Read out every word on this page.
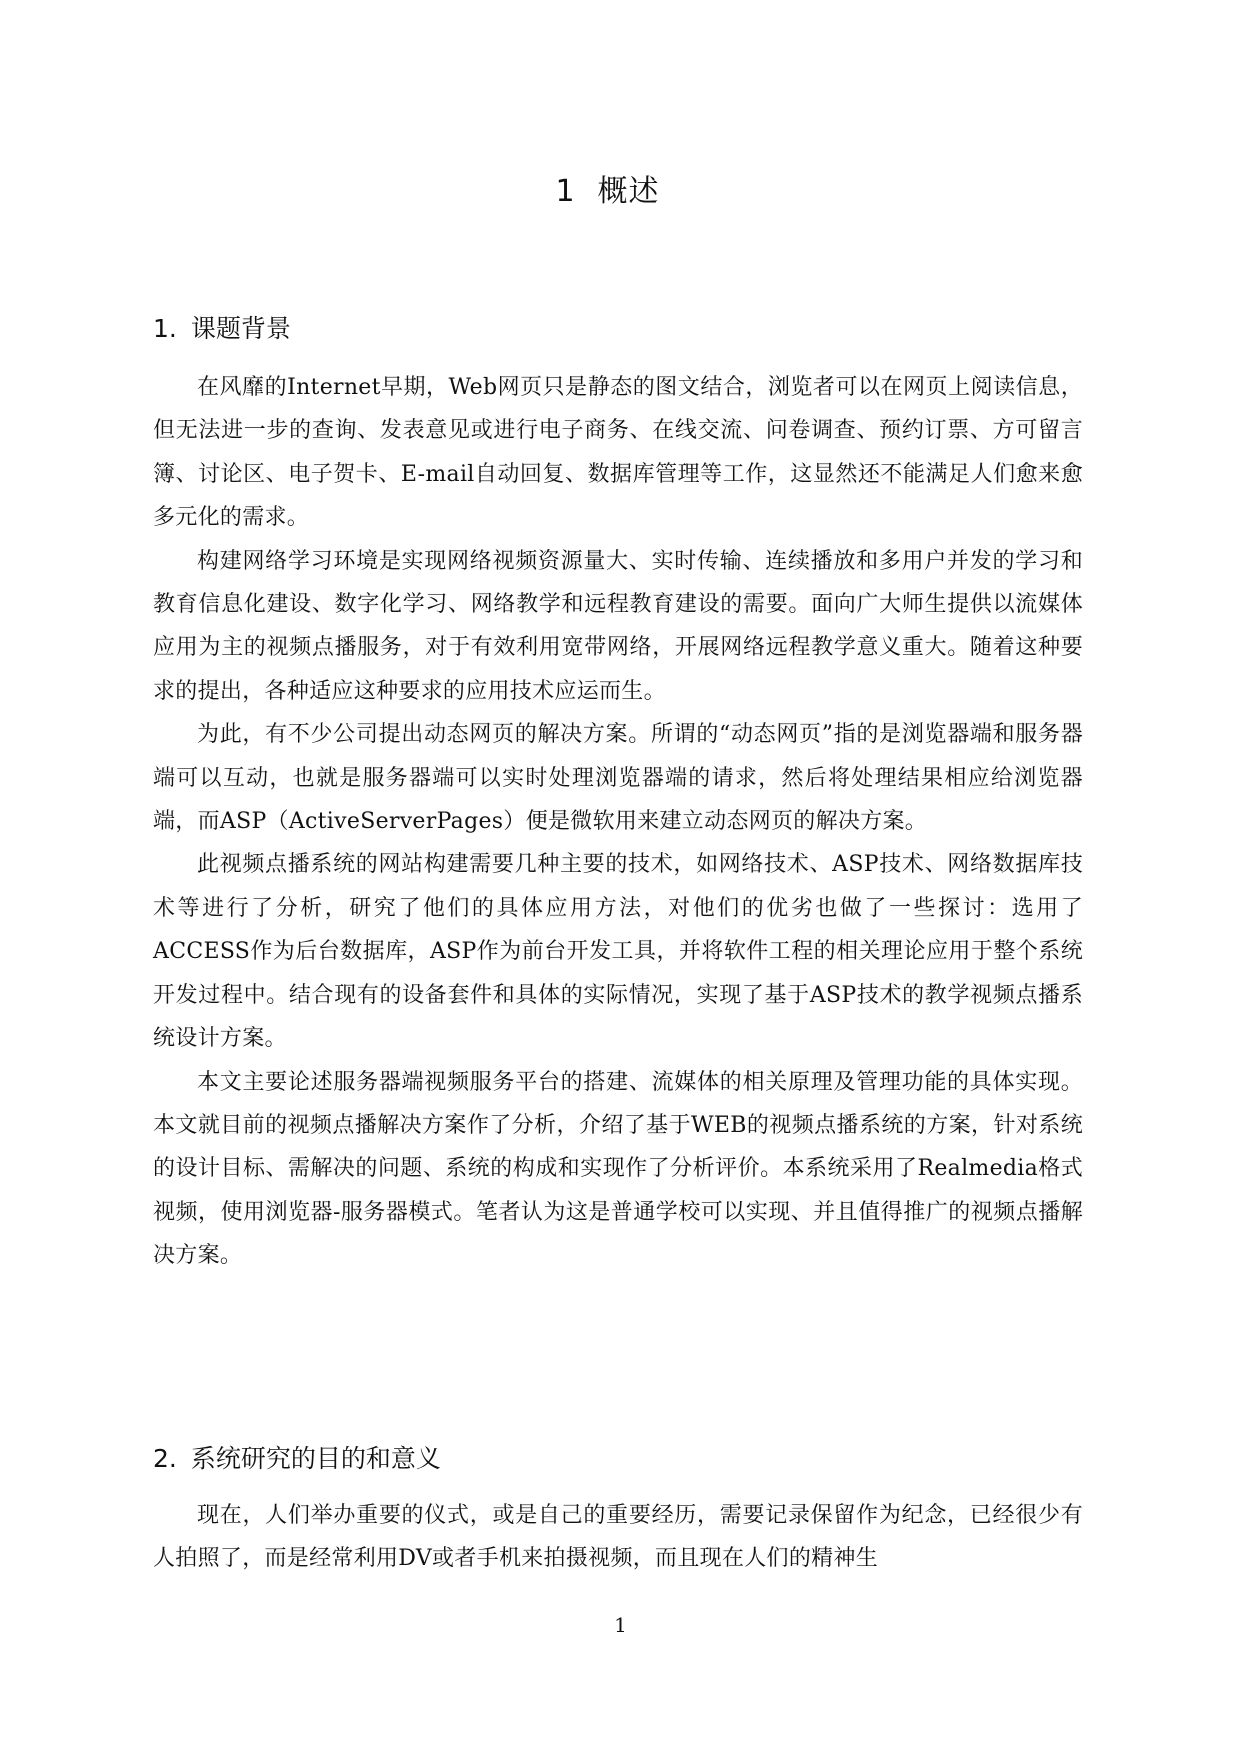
1 概述
1. 课题背景

在风靡的Internet早期，Web网页只是静态的图文结合，浏览者可以在网页上阅读信息，但无法进一步的查询、发表意见或进行电子商务、在线交流、问卷调查、预约订票、方可留言簿、讨论区、电子贺卡、E-mail自动回复、数据库管理等工作，这显然还不能满足人们愈来愈多元化的需求。

构建网络学习环境是实现网络视频资源量大、实时传输、连续播放和多用户并发的学习和教育信息化建设、数字化学习、网络教学和远程教育建设的需要。面向广大师生提供以流媒体应用为主的视频点播服务，对于有效利用宽带网络，开展网络远程教学意义重大。随着这种要求的提出，各种适应这种要求的应用技术应运而生。

为此，有不少公司提出动态网页的解决方案。所谓的“动态网页”指的是浏览器端和服务器端可以互动，也就是服务器端可以实时处理浏览器端的请求，然后将处理结果相应给浏览器端，而ASP（ActiveServerPages）便是微软用来建立动态网页的解决方案。

此视频点播系统的网站构建需要几种主要的技术，如网络技术、ASP技术、网络数据库技术等进行了分析，研究了他们的具体应用方法，对他们的优劣也做了一些探讨：选用了ACCESS作为后台数据库，ASP作为前台开发工具，并将软件工程的相关理论应用于整个系统开发过程中。结合现有的设备套件和具体的实际情况，实现了基于ASP技术的教学视频点播系统设计方案。

本文主要论述服务器端视频服务平台的搭建、流媒体的相关原理及管理功能的具体实现。本文就目前的视频点播解决方案作了分析，介绍了基于WEB的视频点播系统的方案，针对系统的设计目标、需解决的问题、系统的构成和实现作了分析评价。本系统采用了Realmedia格式视频，使用浏览器-服务器模式。笔者认为这是普通学校可以实现、并且值得推广的视频点播解决方案。

2. 系统研究的目的和意义

现在，人们举办重要的仪式，或是自己的重要经历，需要记录保留作为纪念，已经很少有人拍照了，而是经常利用DV或者手机来拍摄视频，而且现在人们的精神生

1
